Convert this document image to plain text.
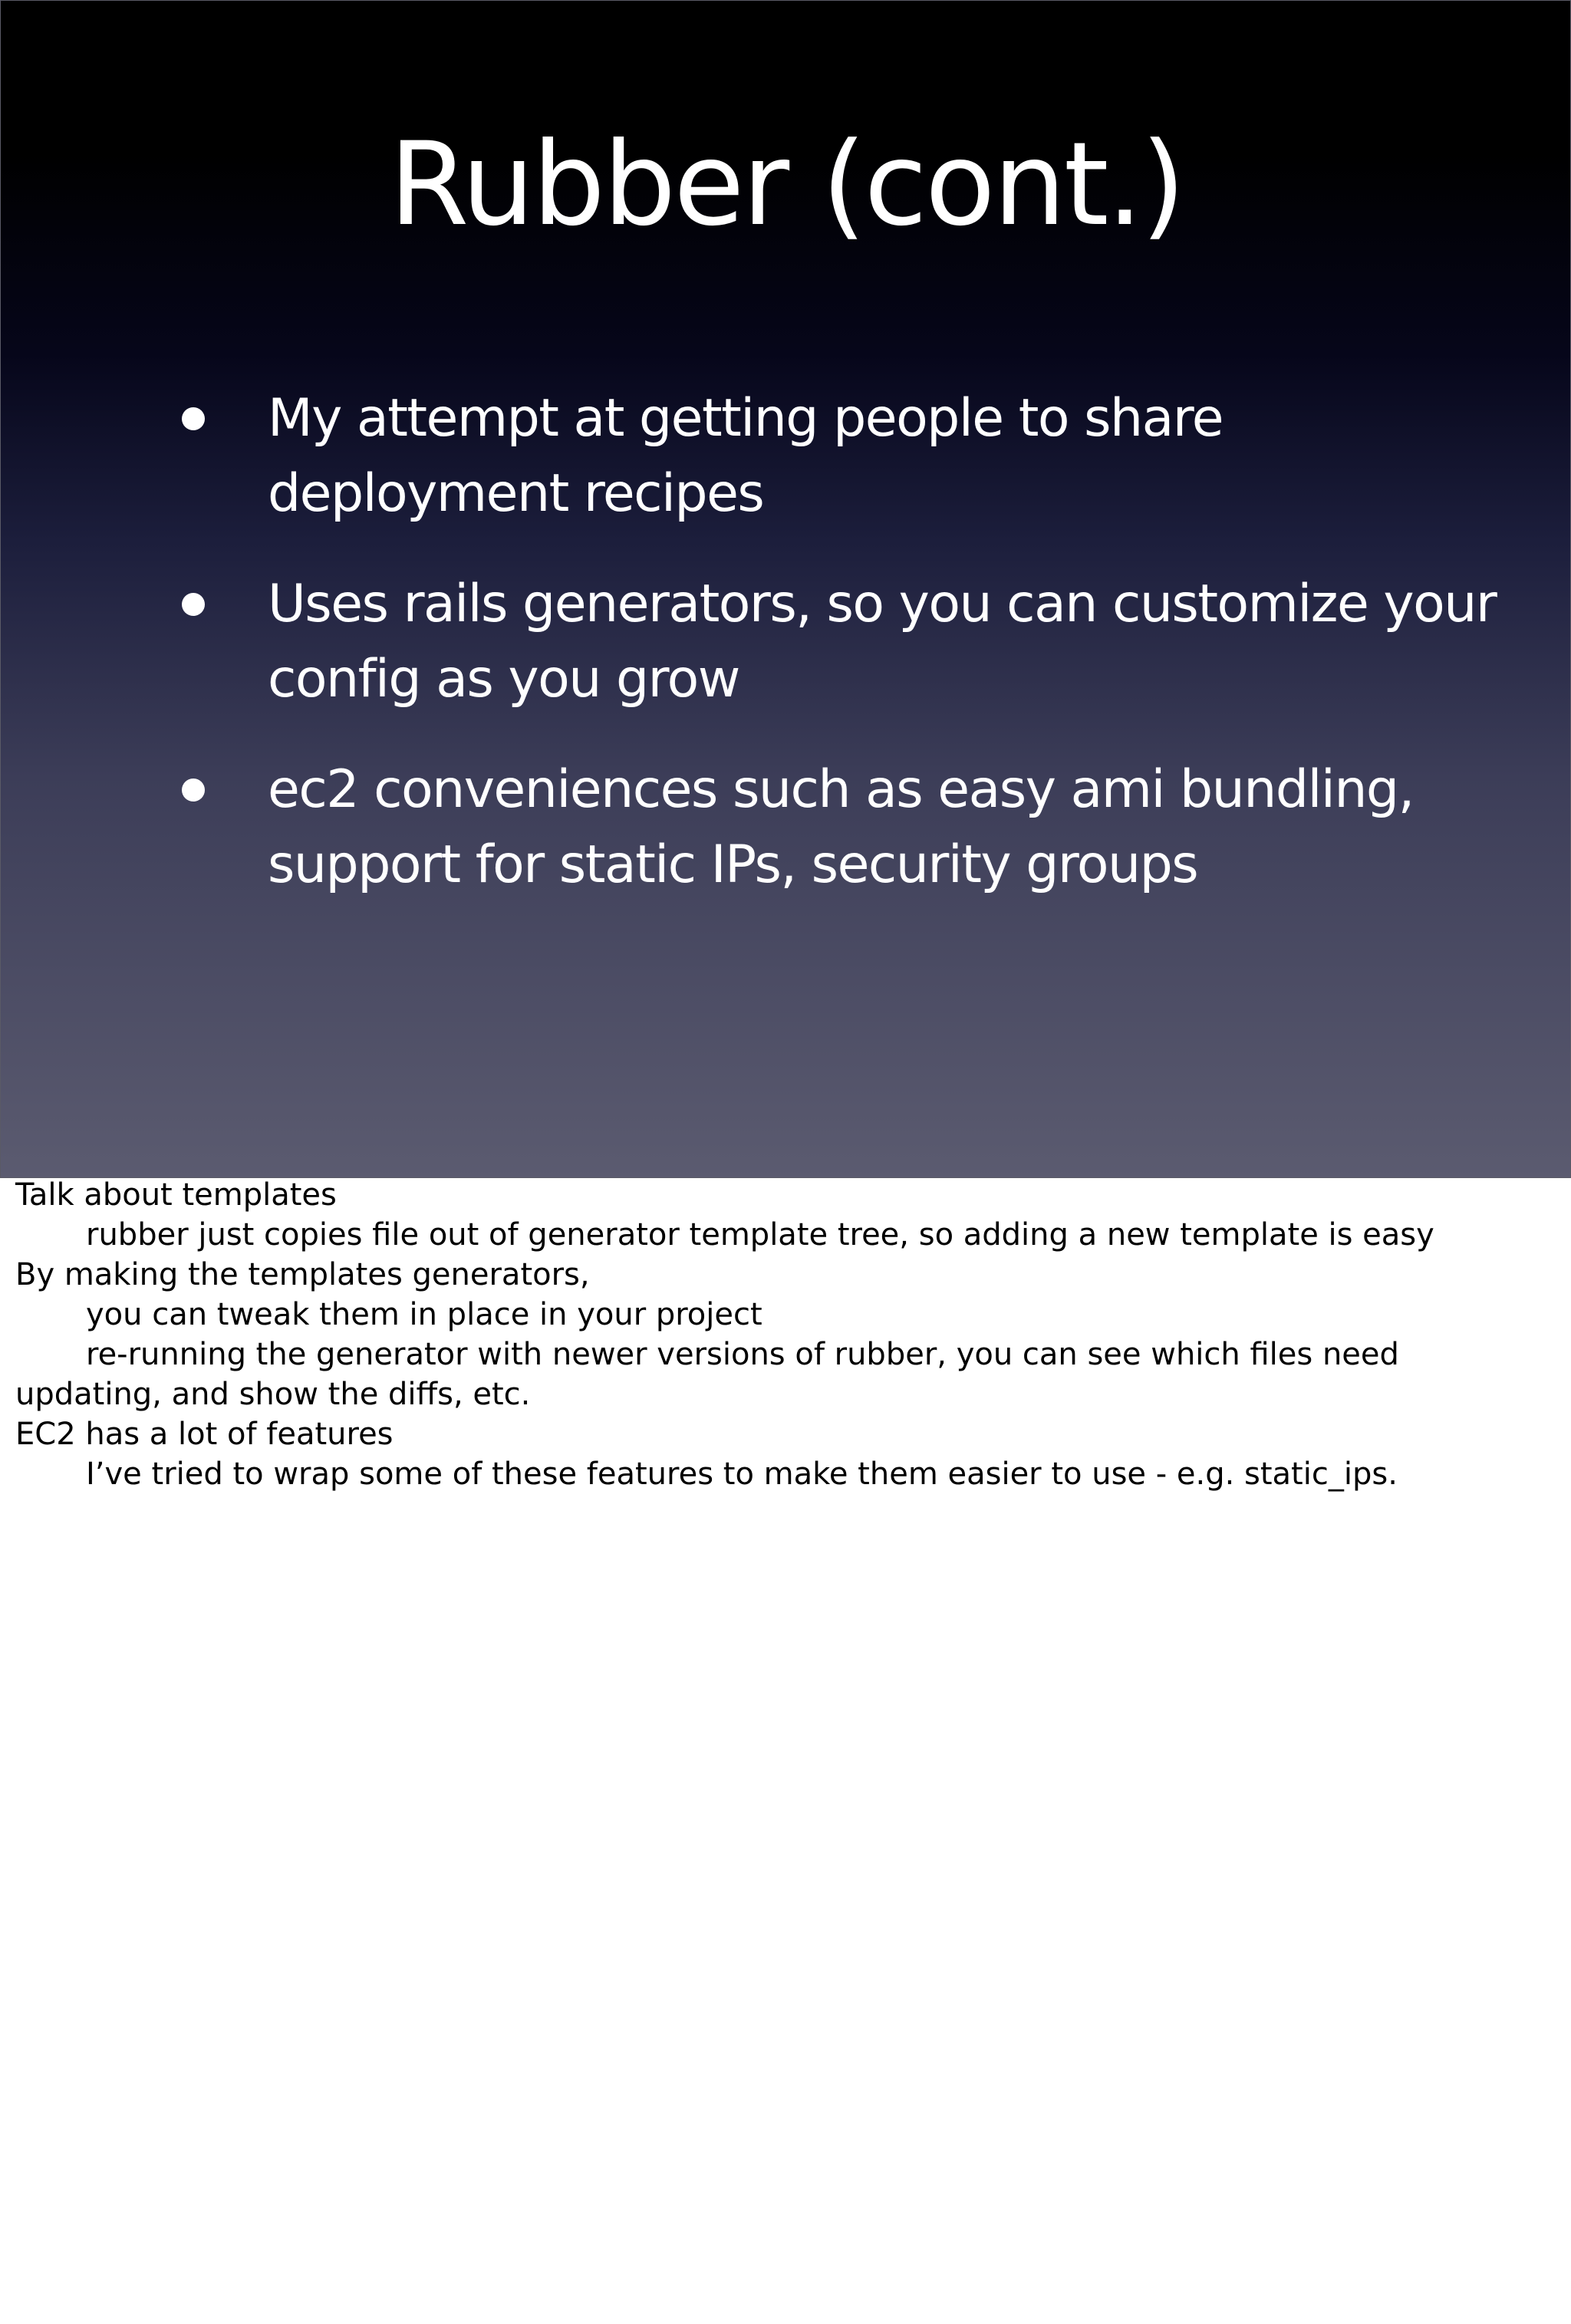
Rubber (cont.)
My attempt at getting people to share deployment recipes
Uses rails generators, so you can customize your config as you grow
ec2 conveniences such as easy ami bundling, support for static IPs, security groups
Talk about templates
rubber just copies file out of generator template tree, so adding a new template is easy
By making the templates generators,
you can tweak them in place in your project
re-running the generator with newer versions of rubber, you can see which files need
updating, and show the diffs, etc.
EC2 has a lot of features
I’ve tried to wrap some of these features to make them easier to use - e.g. static_ips.
